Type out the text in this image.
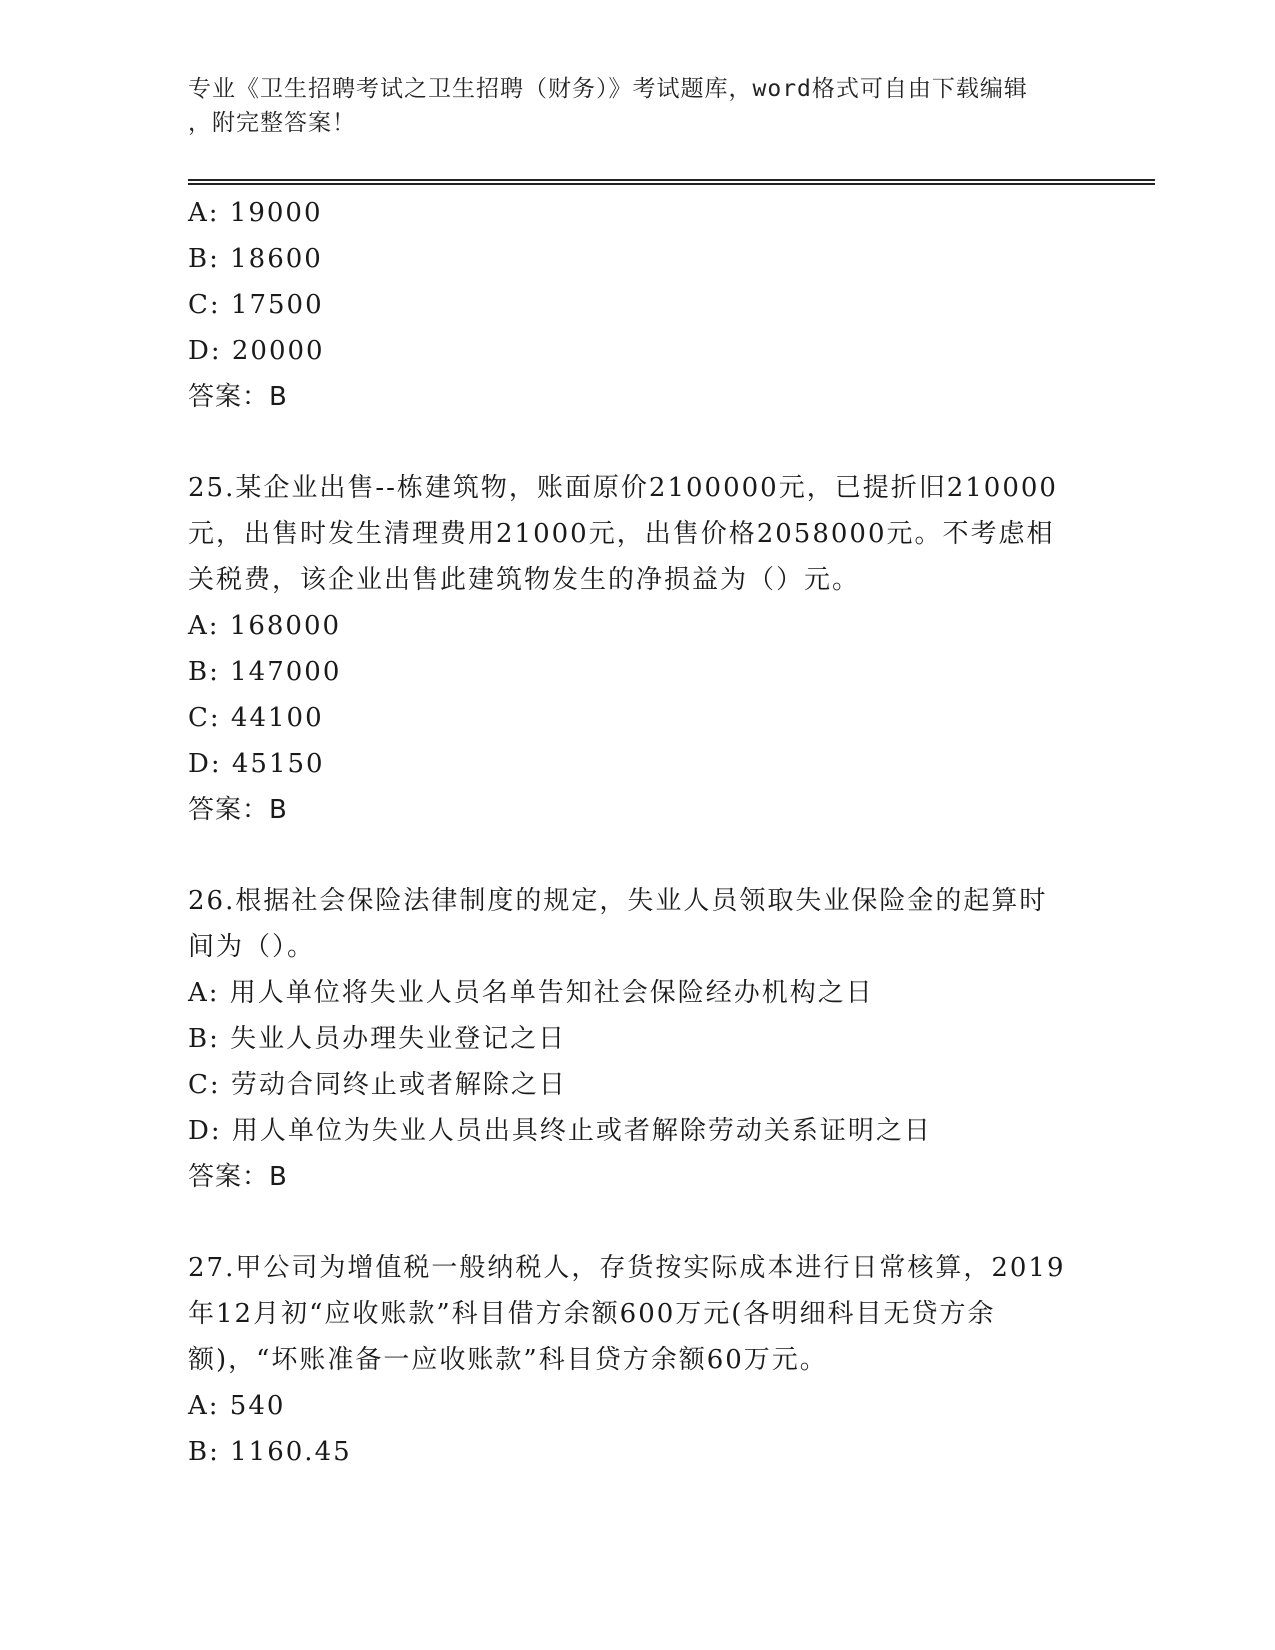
专业《卫生招聘考试之卫生招聘（财务）》考试题库，word格式可自由下载编辑
，附完整答案！
A: 19000
B: 18600
C: 17500
D: 20000
答案：B
25.某企业出售--栋建筑物，账面原价2100000元，已提折旧210000
元，出售时发生清理费用21000元，出售价格2058000元。不考虑相
关税费，该企业出售此建筑物发生的净损益为（）元。
A: 168000
B: 147000
C: 44100
D: 45150
答案：B
26.根据社会保险法律制度的规定，失业人员领取失业保险金的起算时
间为（）。
A: 用人单位将失业人员名单告知社会保险经办机构之日
B: 失业人员办理失业登记之日
C: 劳动合同终止或者解除之日
D: 用人单位为失业人员出具终止或者解除劳动关系证明之日
答案：B
27.甲公司为增值税一般纳税人，存货按实际成本进行日常核算，2019
年12月初“应收账款”科目借方余额600万元(各明细科目无贷方余
额)，“坏账准备一应收账款”科目贷方余额60万元。
A: 540
B: 1160.45
